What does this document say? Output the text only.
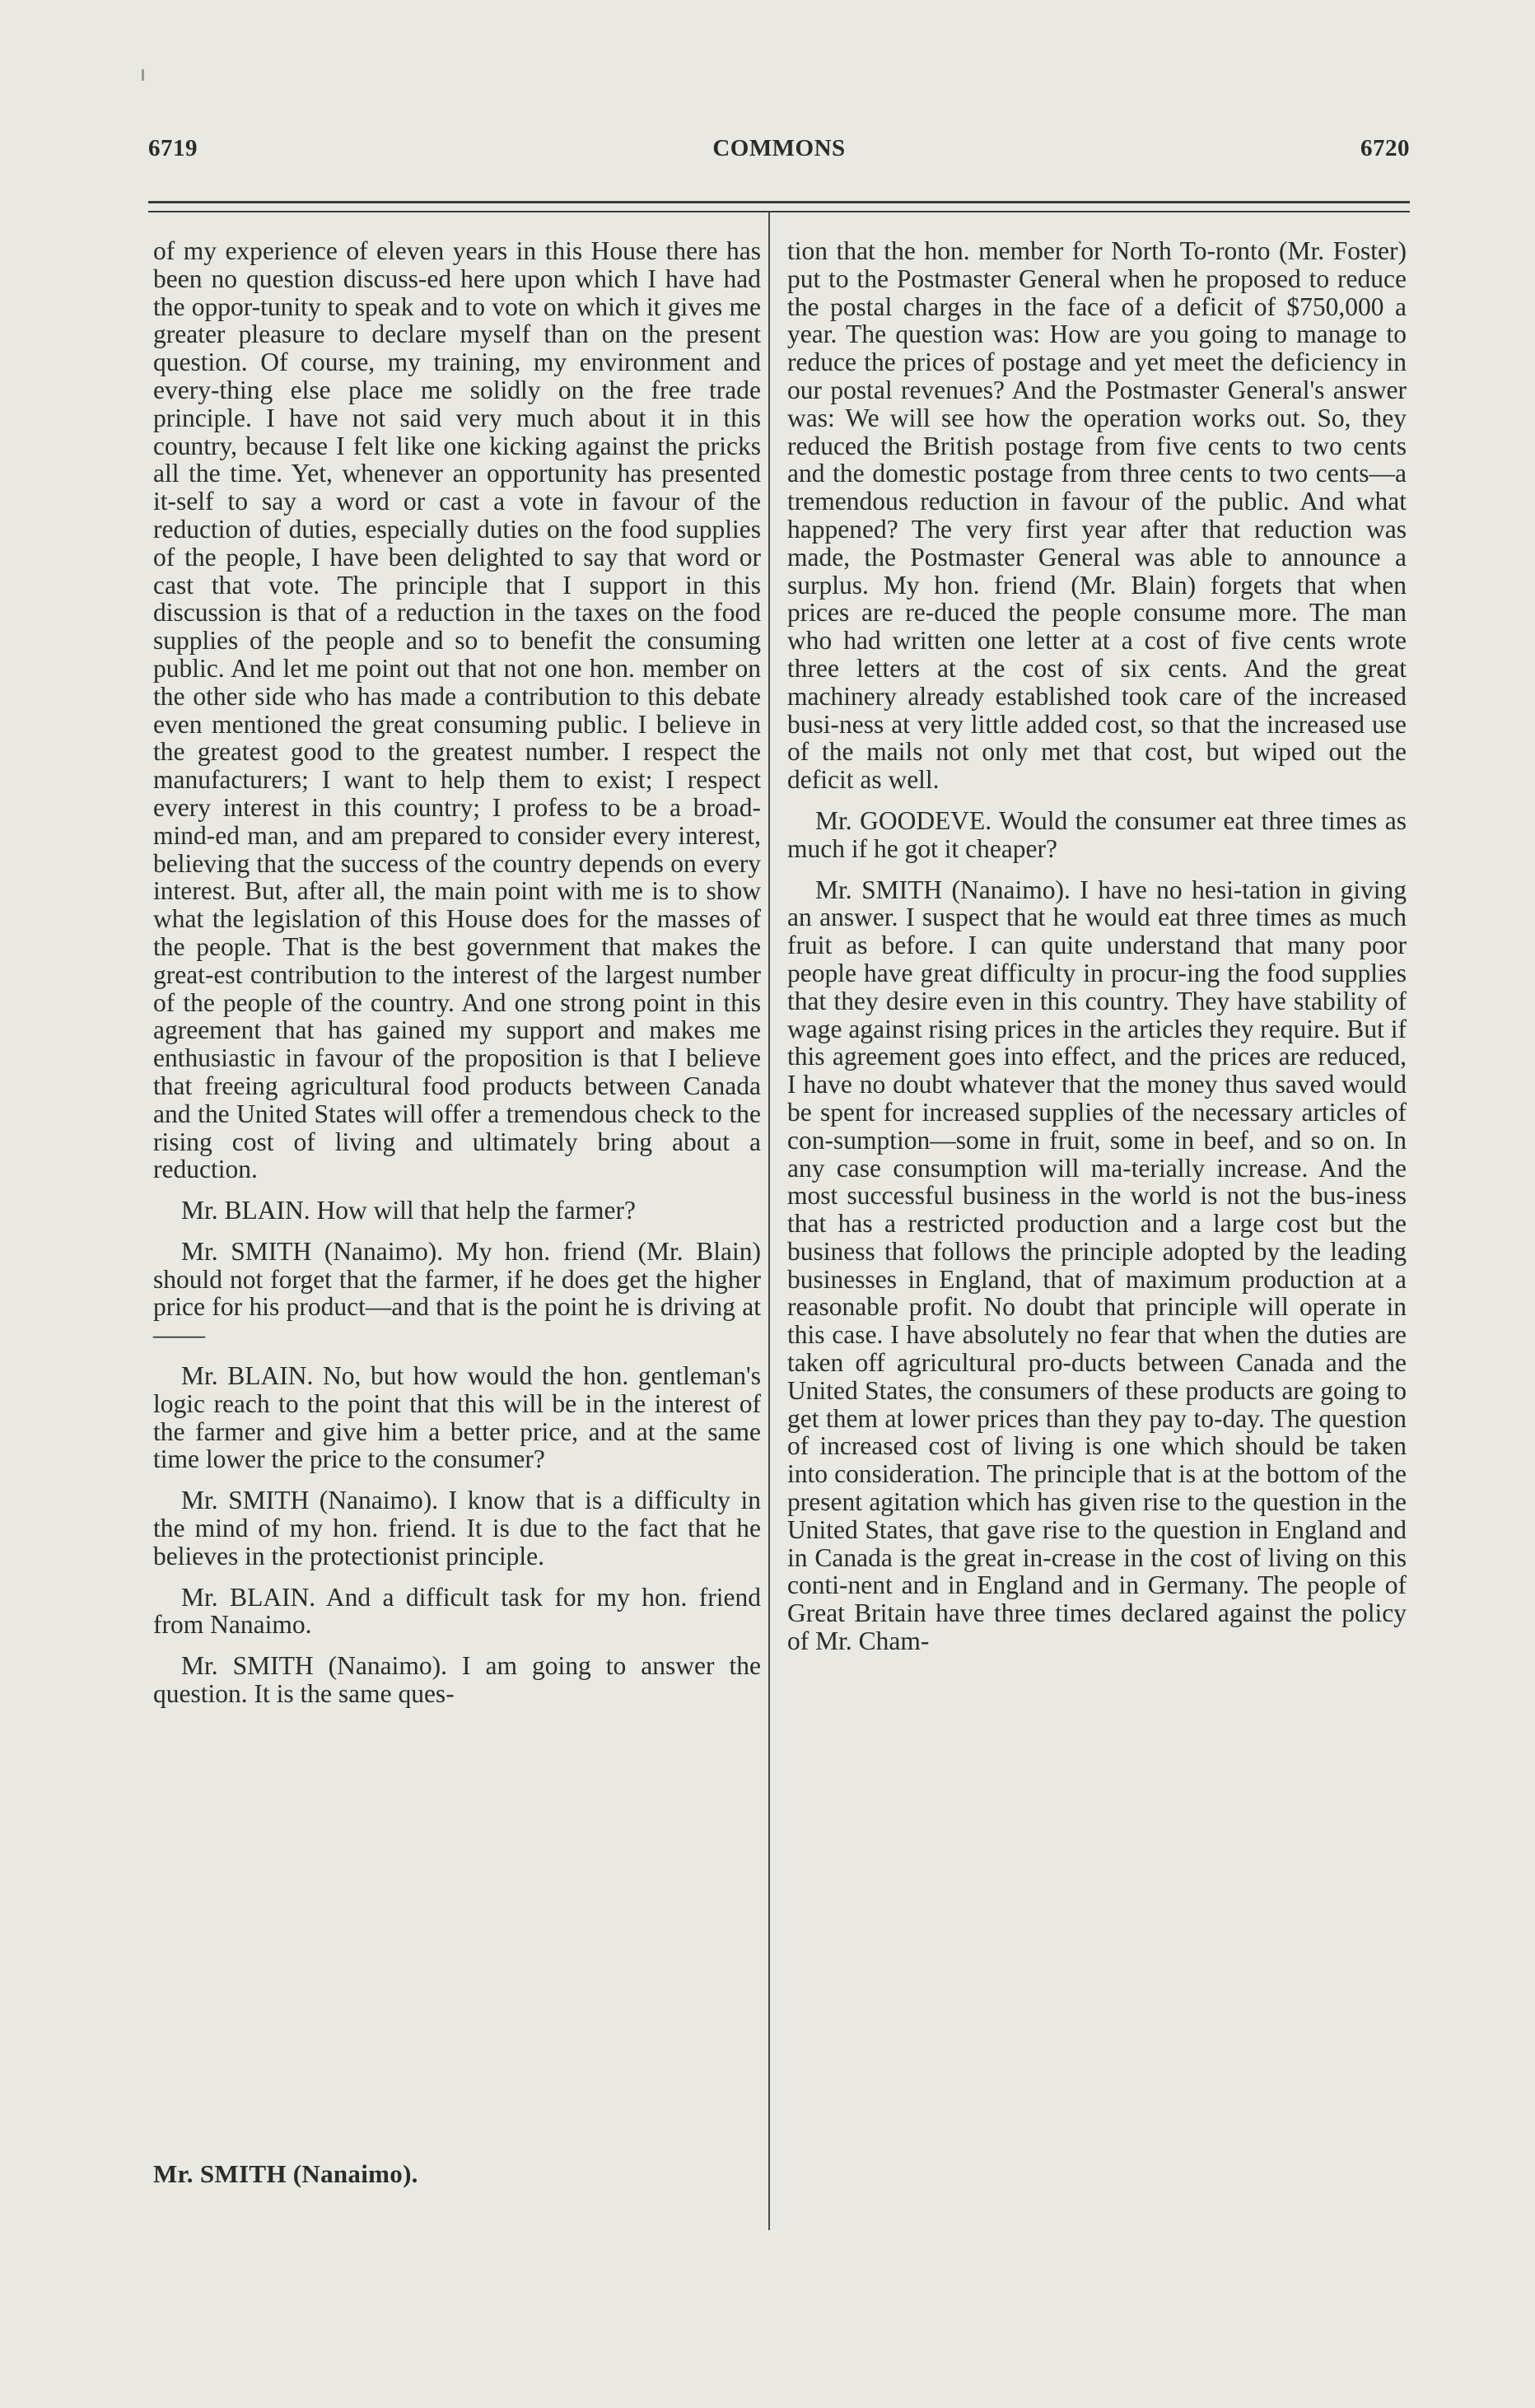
6719	COMMONS	6720

of my experience of eleven years in this House there has been no question discuss-ed here upon which I have had the oppor-tunity to speak and to vote on which it gives me greater pleasure to declare myself than on the present question. Of course, my training, my environment and every-thing else place me solidly on the free trade principle. I have not said very much about it in this country, because I felt like one kicking against the pricks all the time. Yet, whenever an opportunity has presented it-self to say a word or cast a vote in favour of the reduction of duties, especially duties on the food supplies of the people, I have been delighted to say that word or cast that vote. The principle that I support in this discussion is that of a reduction in the taxes on the food supplies of the people and so to benefit the consuming public. And let me point out that not one hon. member on the other side who has made a contribution to this debate even mentioned the great consuming public. I believe in the greatest good to the greatest number. I respect the manufacturers; I want to help them to exist; I respect every interest in this country; I profess to be a broad-mind-ed man, and am prepared to consider every interest, believing that the success of the country depends on every interest. But, after all, the main point with me is to show what the legislation of this House does for the masses of the people. That is the best government that makes the great-est contribution to the interest of the largest number of the people of the country. And one strong point in this agreement that has gained my support and makes me enthusiastic in favour of the proposition is that I believe that freeing agricultural food products between Canada and the United States will offer a tremendous check to the rising cost of living and ultimately bring about a reduction.

Mr. BLAIN. How will that help the farmer?

Mr. SMITH (Nanaimo). My hon. friend (Mr. Blain) should not forget that the farmer, if he does get the higher price for his product—and that is the point he is driving at——

Mr. BLAIN. No, but how would the hon. gentleman's logic reach to the point that this will be in the interest of the farmer and give him a better price, and at the same time lower the price to the consumer?

Mr. SMITH (Nanaimo). I know that is a difficulty in the mind of my hon. friend. It is due to the fact that he believes in the protectionist principle.

Mr. BLAIN. And a difficult task for my hon. friend from Nanaimo.

Mr. SMITH (Nanaimo). I am going to answer the question. It is the same ques-

tion that the hon. member for North To-ronto (Mr. Foster) put to the Postmaster General when he proposed to reduce the postal charges in the face of a deficit of $750,000 a year. The question was: How are you going to manage to reduce the prices of postage and yet meet the deficiency in our postal revenues? And the Postmaster General's answer was: We will see how the operation works out. So, they reduced the British postage from five cents to two cents and the domestic postage from three cents to two cents—a tremendous reduction in favour of the public. And what happened? The very first year after that reduction was made, the Postmaster General was able to announce a surplus. My hon. friend (Mr. Blain) forgets that when prices are re-duced the people consume more. The man who had written one letter at a cost of five cents wrote three letters at the cost of six cents. And the great machinery already established took care of the increased busi-ness at very little added cost, so that the increased use of the mails not only met that cost, but wiped out the deficit as well.

Mr. GOODEVE. Would the consumer eat three times as much if he got it cheaper?

Mr. SMITH (Nanaimo). I have no hesi-tation in giving an answer. I suspect that he would eat three times as much fruit as before. I can quite understand that many poor people have great difficulty in procur-ing the food supplies that they desire even in this country. They have stability of wage against rising prices in the articles they require. But if this agreement goes into effect, and the prices are reduced, I have no doubt whatever that the money thus saved would be spent for increased supplies of the necessary articles of con-sumption—some in fruit, some in beef, and so on. In any case consumption will ma-terially increase. And the most successful business in the world is not the bus-iness that has a restricted production and a large cost but the business that follows the principle adopted by the leading businesses in England, that of maximum production at a reasonable profit. No doubt that principle will operate in this case. I have absolutely no fear that when the duties are taken off agricultural pro-ducts between Canada and the United States, the consumers of these products are going to get them at lower prices than they pay to-day. The question of increased cost of living is one which should be taken into consideration. The principle that is at the bottom of the present agitation which has given rise to the question in the United States, that gave rise to the question in England and in Canada is the great in-crease in the cost of living on this conti-nent and in England and in Germany. The people of Great Britain have three times declared against the policy of Mr. Cham-

Mr. SMITH (Nanaimo).
